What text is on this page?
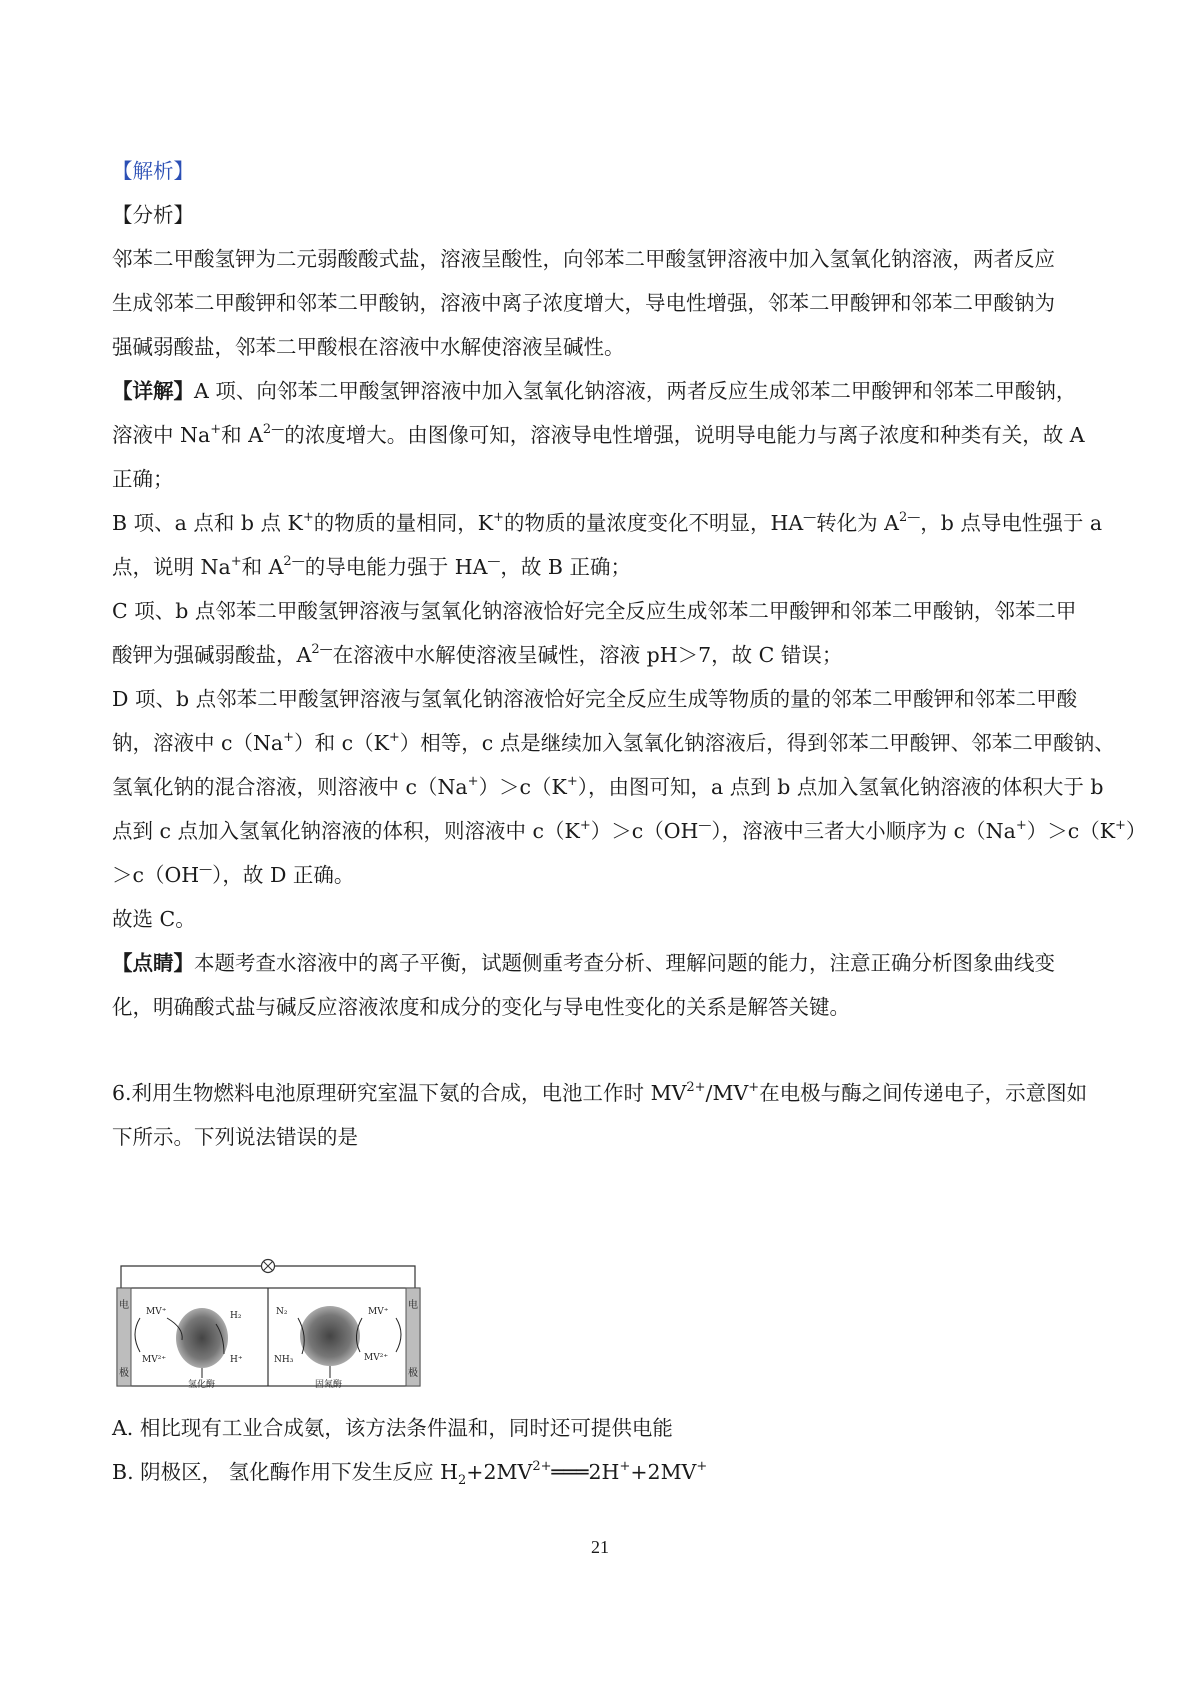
【解析】
【分析】
邻苯二甲酸氢钾为二元弱酸酸式盐，溶液呈酸性，向邻苯二甲酸氢钾溶液中加入氢氧化钠溶液，两者反应
生成邻苯二甲酸钾和邻苯二甲酸钠，溶液中离子浓度增大，导电性增强，邻苯二甲酸钾和邻苯二甲酸钠为
强碱弱酸盐，邻苯二甲酸根在溶液中水解使溶液呈碱性。
【详解】A 项、向邻苯二甲酸氢钾溶液中加入氢氧化钠溶液，两者反应生成邻苯二甲酸钾和邻苯二甲酸钠，
溶液中 Na+和 $A^{2—}$的浓度增大。由图像可知，溶液导电性增强，说明导电能力与离子浓度和种类有关，故 A
正确；
B 项、a 点和 b 点 K+的物质的量相同，K+的物质的量浓度变化不明显，HA—转化为 $A^{2—}$，b 点导电性强于 a
点，说明 Na+和 $A^{2—}$的导电能力强于 HA—，故 B 正确；
C 项、b 点邻苯二甲酸氢钾溶液与氢氧化钠溶液恰好完全反应生成邻苯二甲酸钾和邻苯二甲酸钠，邻苯二甲
酸钾为强碱弱酸盐，$A^{2—}$在溶液中水解使溶液呈碱性，溶液 pH＞7，故 C 错误；
D 项、b 点邻苯二甲酸氢钾溶液与氢氧化钠溶液恰好完全反应生成等物质的量的邻苯二甲酸钾和邻苯二甲酸
钠，溶液中 c（Na+）和 c（K+）相等，c 点是继续加入氢氧化钠溶液后，得到邻苯二甲酸钾、邻苯二甲酸钠、
氢氧化钠的混合溶液，则溶液中 c（Na+）＞c（K+），由图可知，a 点到 b 点加入氢氧化钠溶液的体积大于 b
点到 c 点加入氢氧化钠溶液的体积，则溶液中 c（K+）＞c（OH—），溶液中三者大小顺序为 c（Na+）＞c（K+）
＞c（OH—），故 D 正确。
故选 C。
【点睛】本题考查水溶液中的离子平衡，试题侧重考查分析、理解问题的能力，注意正确分析图象曲线变
化，明确酸式盐与碱反应溶液浓度和成分的变化与导电性变化的关系是解答关键。
6.利用生物燃料电池原理研究室温下氨的合成，电池工作时 $MV^{2+}/MV^+$在电极与酶之间传递电子，示意图如
下所示。下列说法错误的是
电
极
电
极
MV⁺
MV²⁺
H₂
H⁺
氢化酶
N₂
NH₃
MV⁺
MV²⁺
固氮酶
A. 相比现有工业合成氨，该方法条件温和，同时还可提供电能
B. 阴极区， 氢化酶作用下发生反应 $H_2+2MV^{2+}═══2H^++2MV^+$
21
